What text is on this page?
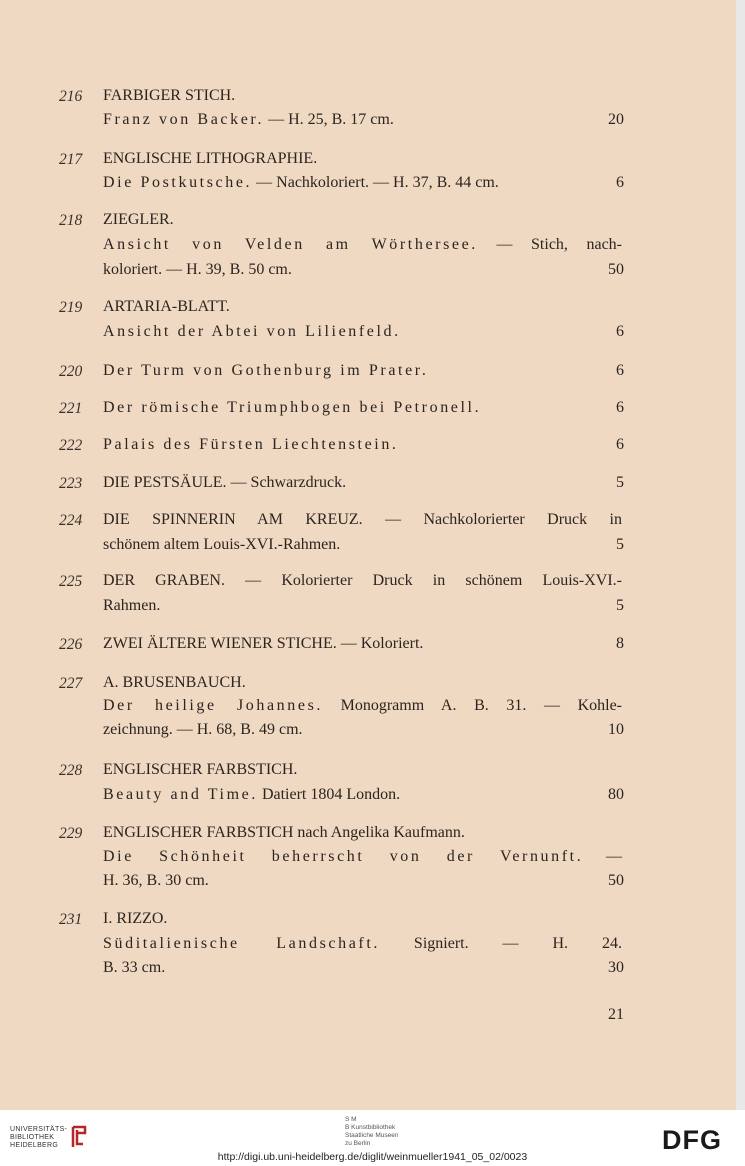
216 FARBIGER STICH.
Franz von Backer. — H. 25, B. 17 cm.	20
217 ENGLISCHE LITHOGRAPHIE.
Die Postkutsche. — Nachkoloriert. — H. 37, B. 44 cm.	6
218 ZIEGLER.
Ansicht von Velden am Wörthersee. — Stich, nach-
koloriert. — H. 39, B. 50 cm.	50
219 ARTARIA-BLATT.
Ansicht der Abtei von Lilienfeld.	6
220 Der Turm von Gothenburg im Prater.	6
221 Der römische Triumphbogen bei Petronell.	6
222 Palais des Fürsten Liechtenstein.	6
223 DIE PESTSÄULE. — Schwarzdruck.	5
224 DIE SPINNERIN AM KREUZ. — Nachkolorierter Druck in
schönem altem Louis-XVI.-Rahmen.	5
225 DER GRABEN. — Kolorierter Druck in schönem Louis-XVI.-
Rahmen.	5
226 ZWEI ÄLTERE WIENER STICHE. — Koloriert.	8
227 A. BRUSENBAUCH.
Der heilige Johannes. Monogramm A. B. 31. — Kohle-
zeichnung. — H. 68, B. 49 cm.	10
228 ENGLISCHER FARBSTICH.
Beauty and Time. Datiert 1804 London.	80
229 ENGLISCHER FARBSTICH nach Angelika Kaufmann.
Die Schönheit beherrscht von der Vernunft. —
H. 36, B. 30 cm.	50
231 I. RIZZO.
Süditalienische Landschaft. Signiert. — H. 24.
B. 33 cm.	30
21
UNIVERSITÄTS-
BIBLIOTHEK
HEIDELBERG
S M
B Kunstbibliothek
Staatliche Museen
zu Berlin	DFG
http://digi.ub.uni-heidelberg.de/diglit/weinmueller1941_05_02/0023
